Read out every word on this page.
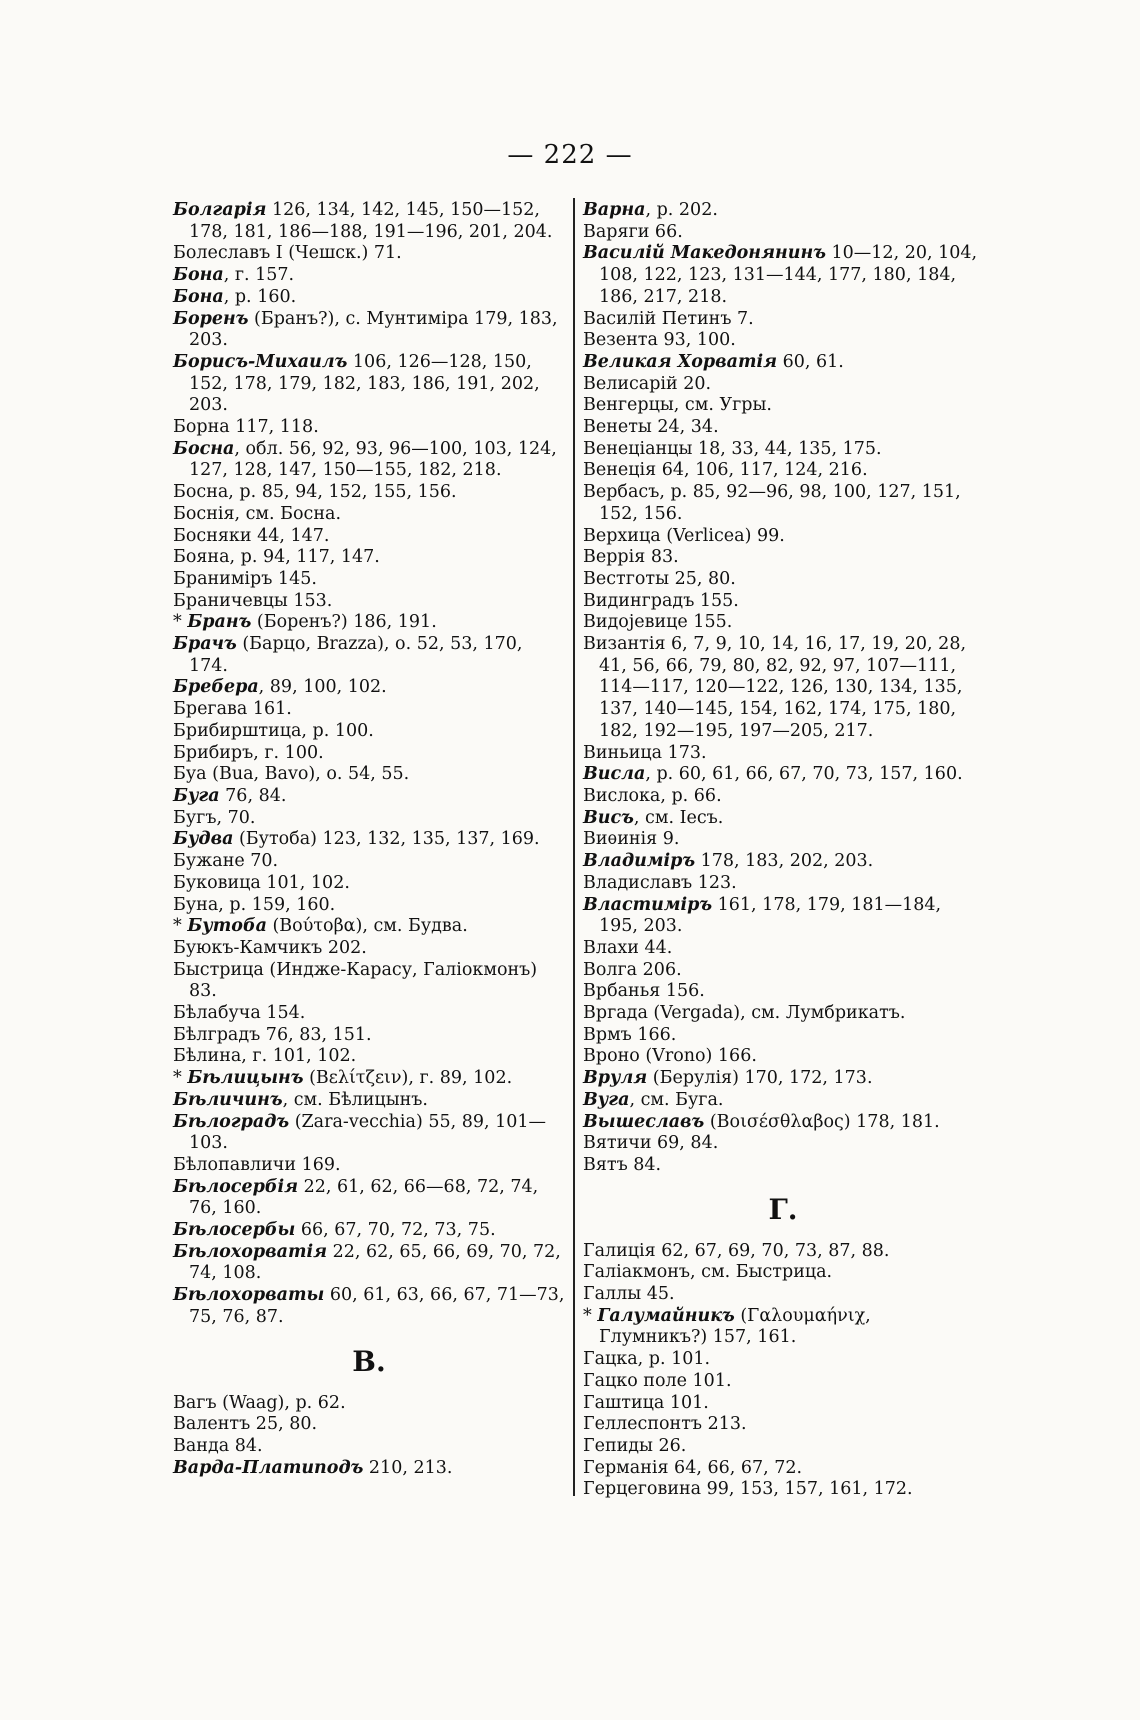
— 222 —
Болгарія 126, 134, 142, 145, 150—152, 178, 181, 186—188, 191—196, 201, 204.
Болеславъ I (Чешск.) 71.
Бона, г. 157.
Бона, р. 160.
Боренъ (Бранъ?), с. Мунтиміра 179, 183, 203.
Борисъ-Михаилъ 106, 126—128, 150, 152, 178, 179, 182, 183, 186, 191, 202, 203.
Борна 117, 118.
Босна, обл. 56, 92, 93, 96—100, 103, 124, 127, 128, 147, 150—155, 182, 218.
Босна, р. 85, 94, 152, 155, 156.
Боснія, см. Босна.
Босняки 44, 147.
Бояна, р. 94, 117, 147.
Браниміръ 145.
Браничевцы 153.
* Бранъ (Боренъ?) 186, 191.
Брачъ (Барцо, Brazza), о. 52, 53, 170, 174.
Бребера, 89, 100, 102.
Брегава 161.
Брибирштица, р. 100.
Брибиръ, г. 100.
Буа (Bua, Bavo), о. 54, 55.
Буга 76, 84.
Бугъ, 70.
Будва (Бутоба) 123, 132, 135, 137, 169.
Бужане 70.
Буковица 101, 102.
Буна, р. 159, 160.
* Бутоба (Βούτοβα), см. Будва.
Буюкъ-Камчикъ 202.
Быстрица (Индже-Карасу, Галіокмонъ) 83.
Бѣлабуча 154.
Бѣлградъ 76, 83, 151.
Бѣлина, г. 101, 102.
* Бѣлицынъ (Βελίτζειν), г. 89, 102.
Бѣличинъ, см. Бѣлицынъ.
Бѣлоградъ (Zara-vecchia) 55, 89, 101—103.
Бѣлопавличи 169.
Бѣлосербія 22, 61, 62, 66—68, 72, 74, 76, 160.
Бѣлосербы 66, 67, 70, 72, 73, 75.
Бѣлохорватія 22, 62, 65, 66, 69, 70, 72, 74, 108.
Бѣлохорваты 60, 61, 63, 66, 67, 71—73, 75, 76, 87.
В.
Вагъ (Waag), р. 62.
Валентъ 25, 80.
Ванда 84.
Варда-Платиподъ 210, 213.
Варна, р. 202.
Варяги 66.
Василій Македонянинъ 10—12, 20, 104, 108, 122, 123, 131—144, 177, 180, 184, 186, 217, 218.
Василій Петинъ 7.
Везента 93, 100.
Великая Хорватія 60, 61.
Велисарій 20.
Венгерцы, см. Угры.
Венеты 24, 34.
Венеціанцы 18, 33, 44, 135, 175.
Венеція 64, 106, 117, 124, 216.
Вербасъ, р. 85, 92—96, 98, 100, 127, 151, 152, 156.
Верхица (Verlicea) 99.
Веррія 83.
Вестготы 25, 80.
Видинградъ 155.
Видојевице 155.
Византія 6, 7, 9, 10, 14, 16, 17, 19, 20, 28, 41, 56, 66, 79, 80, 82, 92, 97, 107—111, 114—117, 120—122, 126, 130, 134, 135, 137, 140—145, 154, 162, 174, 175, 180, 182, 192—195, 197—205, 217.
Виньица 173.
Висла, р. 60, 61, 66, 67, 70, 73, 157, 160.
Вислока, р. 66.
Висъ, см. Іесъ.
Виѳинія 9.
Владиміръ 178, 183, 202, 203.
Владиславъ 123.
Властиміръ 161, 178, 179, 181—184, 195, 203.
Влахи 44.
Волга 206.
Врбанья 156.
Вргада (Vergada), см. Лумбрикатъ.
Врмъ 166.
Вроно (Vrono) 166.
Вруля (Берулія) 170, 172, 173.
Вуга, см. Буга.
Вышеславъ (Βοισέσθλαβος) 178, 181.
Вятичи 69, 84.
Вятъ 84.
Г.
Галиція 62, 67, 69, 70, 73, 87, 88.
Галіакмонъ, см. Быстрица.
Галлы 45.
* Галумайникъ (Γαλουμαήνιχ, Глумникъ?) 157, 161.
Гацка, р. 101.
Гацко поле 101.
Гаштица 101.
Геллеспонтъ 213.
Гепиды 26.
Германія 64, 66, 67, 72.
Герцеговина 99, 153, 157, 161, 172.
